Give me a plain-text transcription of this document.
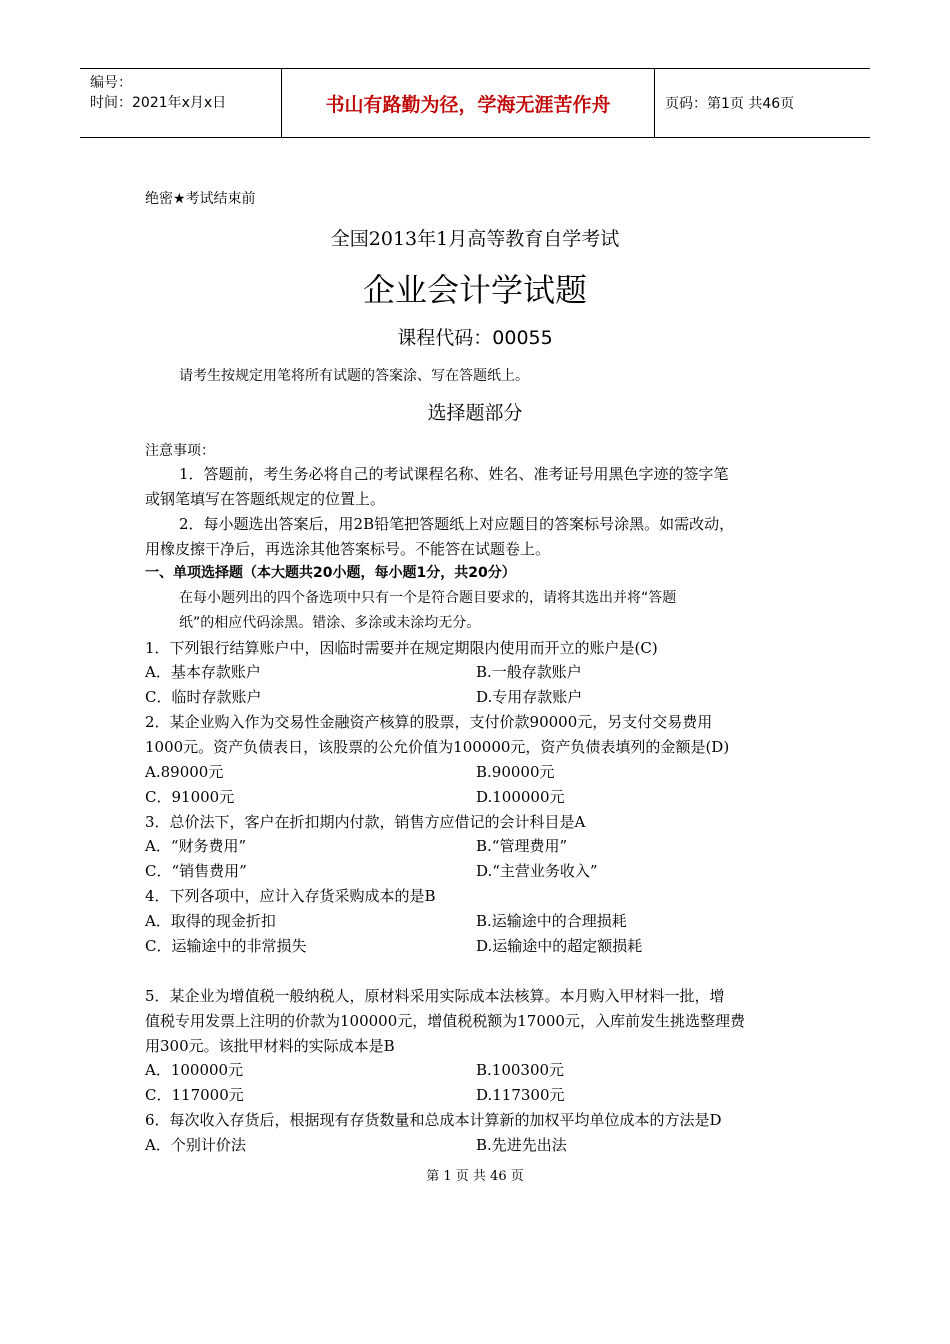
编号：
时间：2021年x月x日	书山有路勤为径，学海无涯苦作舟	页码：第1页 共46页
绝密★考试结束前
全国2013年1月高等教育自学考试
企业会计学试题
课程代码：00055
请考生按规定用笔将所有试题的答案涂、写在答题纸上。
选择题部分
注意事项：
1．答题前，考生务必将自己的考试课程名称、姓名、准考证号用黑色字迹的签字笔
或钢笔填写在答题纸规定的位置上。
2．每小题选出答案后，用2B铅笔把答题纸上对应题目的答案标号涂黑。如需改动，
用橡皮擦干净后，再选涂其他答案标号。不能答在试题卷上。
一、单项选择题（本大题共20小题，每小题1分，共20分）
在每小题列出的四个备选项中只有一个是符合题目要求的，请将其选出并将“答题
纸”的相应代码涂黑。错涂、多涂或未涂均无分。
1．下列银行结算账户中，因临时需要并在规定期限内使用而开立的账户是(C)
A．基本存款账户	B.一般存款账户
C．临时存款账户	D.专用存款账户
2．某企业购入作为交易性金融资产核算的股票，支付价款90000元，另支付交易费用
1000元。资产负债表日，该股票的公允价值为100000元，资产负债表填列的金额是(D)
A.89000元	B.90000元
C．91000元	D.100000元
3．总价法下，客户在折扣期内付款，销售方应借记的会计科目是A
A．“财务费用”	B.“管理费用”
C．“销售费用”	D.“主营业务收入”
4．下列各项中，应计入存货采购成本的是B
A．取得的现金折扣	B.运输途中的合理损耗
C．运输途中的非常损失	D.运输途中的超定额损耗
5．某企业为增值税一般纳税人，原材料采用实际成本法核算。本月购入甲材料一批，增
值税专用发票上注明的价款为100000元，增值税税额为17000元，入库前发生挑选整理费
用300元。该批甲材料的实际成本是B
A．100000元	B.100300元
C．117000元	D.117300元
6．每次收入存货后，根据现有存货数量和总成本计算新的加权平均单位成本的方法是D
A．个别计价法	B.先进先出法
第 1 页 共 46 页
